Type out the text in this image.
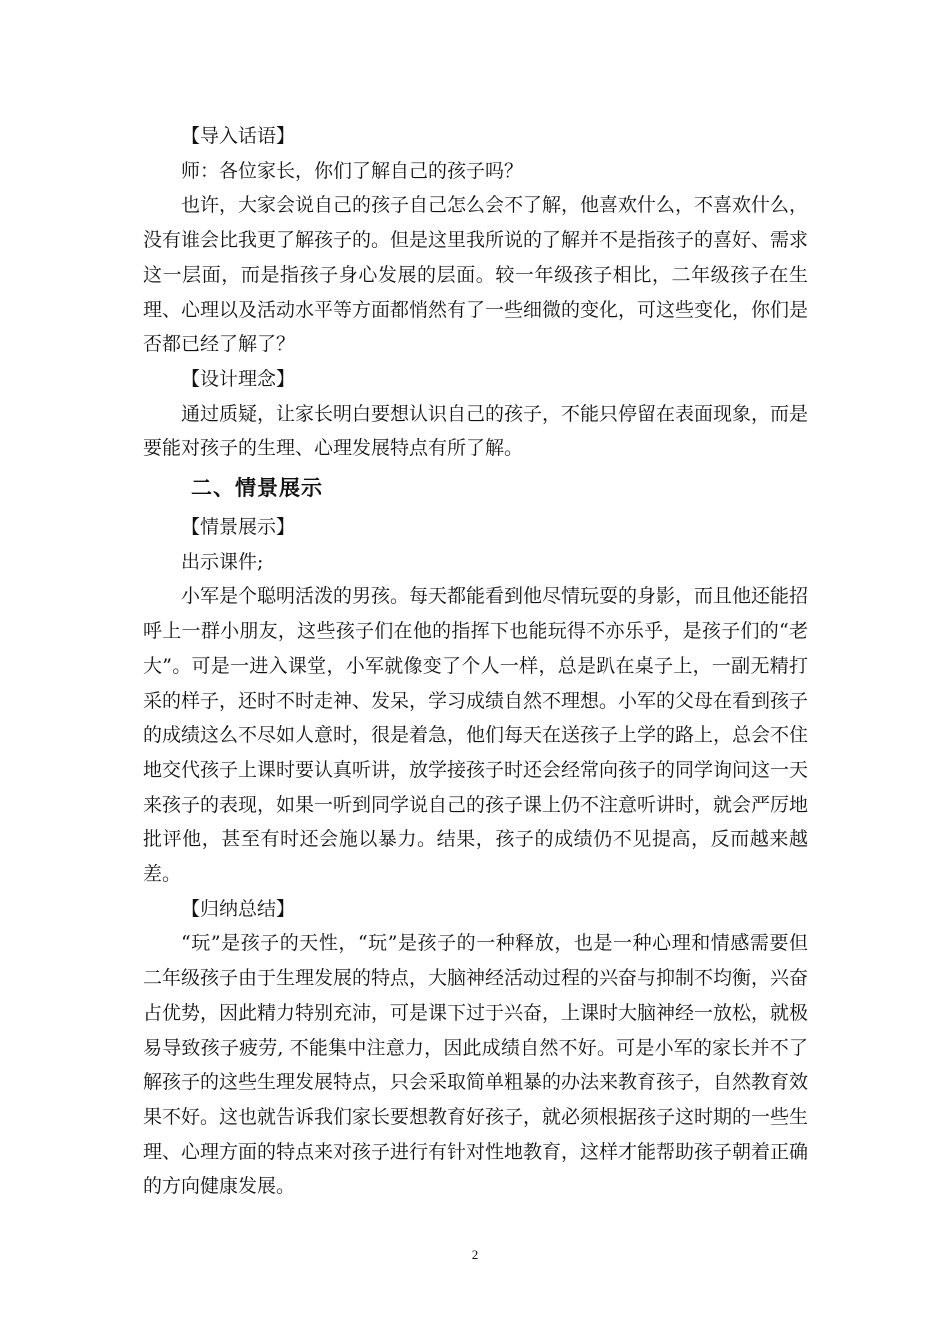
【导入话语】

师：各位家长，你们了解自己的孩子吗？

也许，大家会说自己的孩子自己怎么会不了解，他喜欢什么，不喜欢什么，没有谁会比我更了解孩子的。但是这里我所说的了解并不是指孩子的喜好、需求这一层面，而是指孩子身心发展的层面。较一年级孩子相比，二年级孩子在生理、心理以及活动水平等方面都悄然有了一些细微的变化，可这些变化，你们是否都已经了解了？

【设计理念】

通过质疑，让家长明白要想认识自己的孩子，不能只停留在表面现象，而是要能对孩子的生理、心理发展特点有所了解。

二、情景展示

【情景展示】

出示课件;

小军是个聪明活泼的男孩。每天都能看到他尽情玩耍的身影，而且他还能招呼上一群小朋友，这些孩子们在他的指挥下也能玩得不亦乐乎，是孩子们的“老大”。可是一进入课堂，小军就像变了个人一样，总是趴在桌子上，一副无精打采的样子，还时不时走神、发呆，学习成绩自然不理想。小军的父母在看到孩子的成绩这么不尽如人意时，很是着急，他们每天在送孩子上学的路上，总会不住地交代孩子上课时要认真听讲，放学接孩子时还会经常向孩子的同学询问这一天来孩子的表现，如果一听到同学说自己的孩子课上仍不注意听讲时，就会严厉地批评他，甚至有时还会施以暴力。结果，孩子的成绩仍不见提高，反而越来越差。

【归纳总结】

“玩”是孩子的天性，“玩”是孩子的一种释放，也是一种心理和情感需要但二年级孩子由于生理发展的特点，大脑神经活动过程的兴奋与抑制不均衡，兴奋占优势，因此精力特别充沛，可是课下过于兴奋，上课时大脑神经一放松，就极易导致孩子疲劳, 不能集中注意力，因此成绩自然不好。可是小军的家长并不了解孩子的这些生理发展特点，只会采取简单粗暴的办法来教育孩子，自然教育效果不好。这也就告诉我们家长要想教育好孩子，就必须根据孩子这时期的一些生理、心理方面的特点来对孩子进行有针对性地教育，这样才能帮助孩子朝着正确的方向健康发展。

2
